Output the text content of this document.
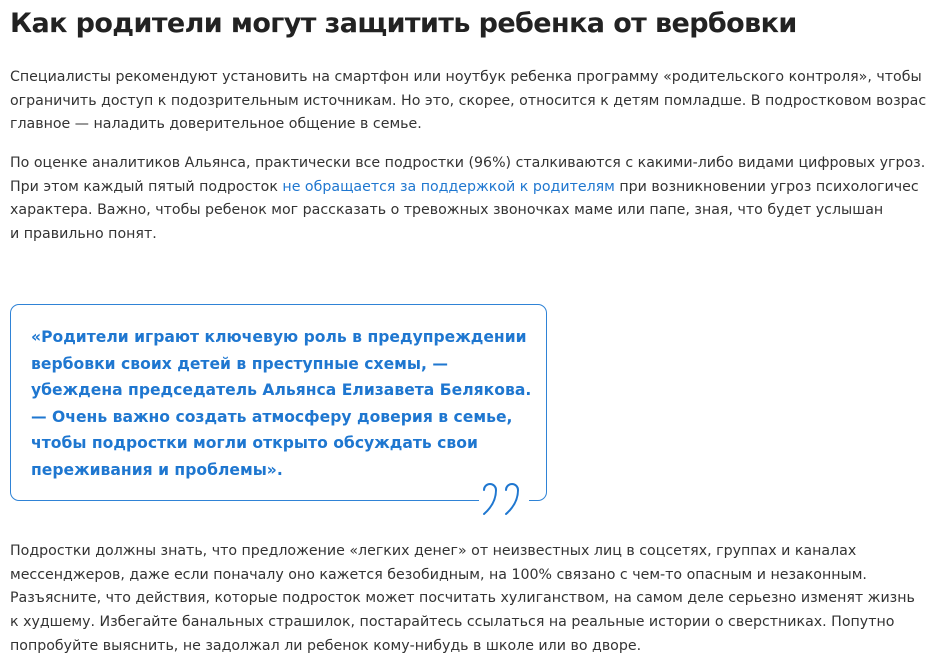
Как родители могут защитить ребенка от вербовки

Специалисты рекомендуют установить на смартфон или ноутбук ребенка программу «родительского контроля», чтобы
ограничить доступ к подозрительным источникам. Но это, скорее, относится к детям помладше. В подростковом возрас
главное — наладить доверительное общение в семье.

По оценке аналитиков Альянса, практически все подростки (96%) сталкиваются с какими-либо видами цифровых угроз.
При этом каждый пятый подросток не обращается за поддержкой к родителям при возникновении угроз психологичес
характера. Важно, чтобы ребенок мог рассказать о тревожных звоночках маме или папе, зная, что будет услышан
и правильно понят.

«Родители играют ключевую роль в предупреждении
вербовки своих детей в преступные схемы, —
убеждена председатель Альянса Елизавета Белякова.
— Очень важно создать атмосферу доверия в семье,
чтобы подростки могли открыто обсуждать свои
переживания и проблемы».

Подростки должны знать, что предложение «легких денег» от неизвестных лиц в соцсетях, группах и каналах
мессенджеров, даже если поначалу оно кажется безобидным, на 100% связано с чем-то опасным и незаконным.
Разъясните, что действия, которые подросток может посчитать хулиганством, на самом деле серьезно изменят жизнь
к худшему. Избегайте банальных страшилок, постарайтесь ссылаться на реальные истории о сверстниках. Попутно
попробуйте выяснить, не задолжал ли ребенок кому-нибудь в школе или во дворе.
